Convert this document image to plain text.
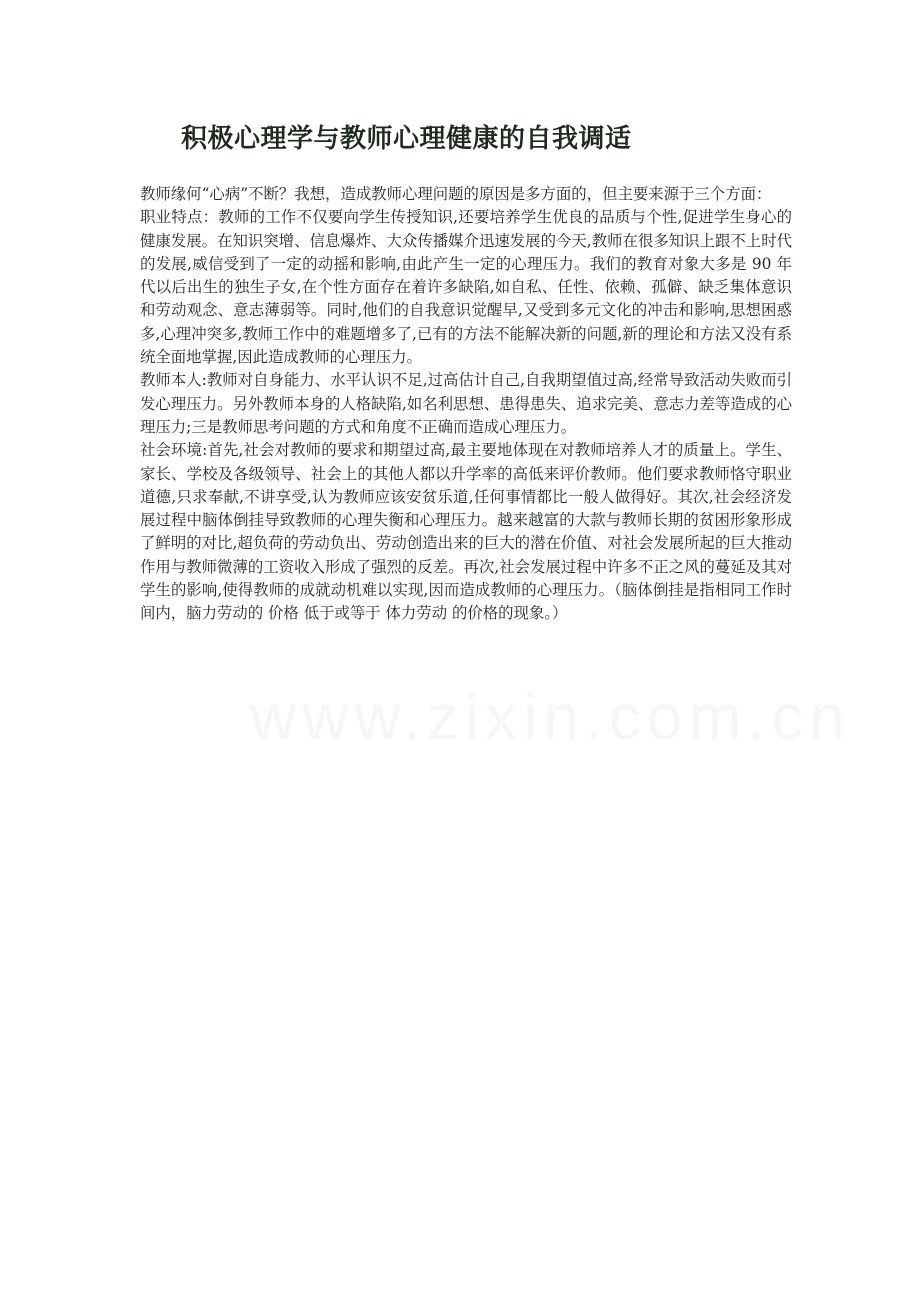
积极心理学与教师心理健康的自我调适

教师缘何“心病”不断？我想，造成教师心理问题的原因是多方面的，但主要来源于三个方面：

职业特点：教师的工作不仅要向学生传授知识,还要培养学生优良的品质与个性,促进学生身心的健康发展。在知识突增、信息爆炸、大众传播媒介迅速发展的今天,教师在很多知识上跟不上时代的发展,威信受到了一定的动摇和影响,由此产生一定的心理压力。我们的教育对象大多是 90 年代以后出生的独生子女,在个性方面存在着许多缺陷,如自私、任性、依赖、孤僻、缺乏集体意识和劳动观念、意志薄弱等。同时,他们的自我意识觉醒早,又受到多元文化的冲击和影响,思想困惑多,心理冲突多,教师工作中的难题增多了,已有的方法不能解决新的问题,新的理论和方法又没有系统全面地掌握,因此造成教师的心理压力。

教师本人:教师对自身能力、水平认识不足,过高估计自己,自我期望值过高,经常导致活动失败而引发心理压力。另外教师本身的人格缺陷,如名利思想、患得患失、追求完美、意志力差等造成的心理压力;三是教师思考问题的方式和角度不正确而造成心理压力。

社会环境:首先,社会对教师的要求和期望过高,最主要地体现在对教师培养人才的质量上。学生、家长、学校及各级领导、社会上的其他人都以升学率的高低来评价教师。他们要求教师恪守职业道德,只求奉献,不讲享受,认为教师应该安贫乐道,任何事情都比一般人做得好。其次,社会经济发展过程中脑体倒挂导致教师的心理失衡和心理压力。越来越富的大款与教师长期的贫困形象形成了鲜明的对比,超负荷的劳动负出、劳动创造出来的巨大的潜在价值、对社会发展所起的巨大推动作用与教师微薄的工资收入形成了强烈的反差。再次,社会发展过程中许多不正之风的蔓延及其对学生的影响,使得教师的成就动机难以实现,因而造成教师的心理压力。（脑体倒挂是指相同工作时间内，脑力劳动的 价格 低于或等于 体力劳动 的价格的现象。）
